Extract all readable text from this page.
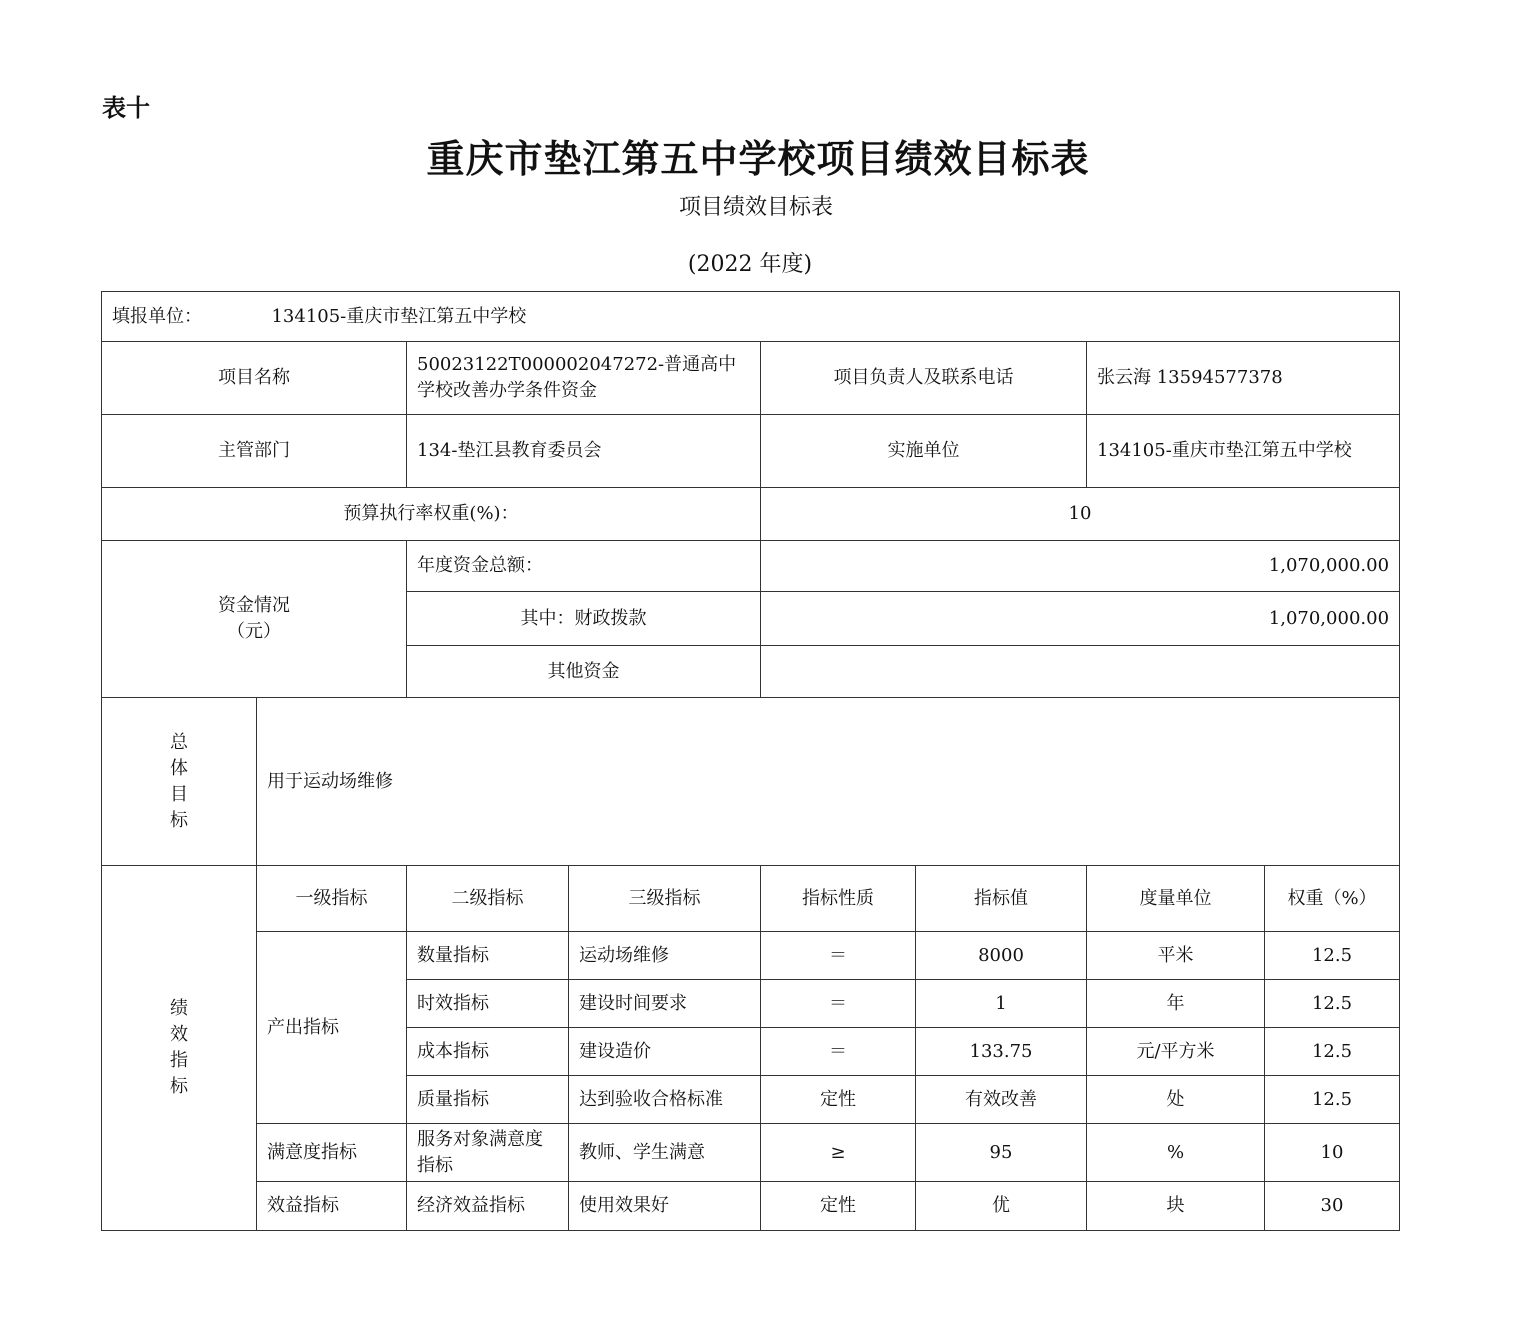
表十
重庆市垫江第五中学校项目绩效目标表
项目绩效目标表
(2022 年度)
填报单位： 134105-重庆市垫江第五中学校							
项目名称		50023122T000002047272-普通高中学校改善办学条件资金		项目负责人及联系电话		张云海 13594577378	
主管部门		134-垫江县教育委员会		实施单位		134105-重庆市垫江第五中学校	
预算执行率权重(%)：				10			

资金情况
（元）		年度资金总额：		1,070,000.00			
		其中：财政拨款		1,070,000.00			
		其他资金					

总
体
目
标	用于运动场维修						

绩
效
指
标	一级指标	二级指标	三级指标	指标性质	指标值	度量单位	权重（%）
	产出指标	数量指标	运动场维修	＝	8000	平米	12.5
		时效指标	建设时间要求	＝	1	年	12.5
		成本指标	建设造价	＝	133.75	元/平方米	12.5
		质量指标	达到验收合格标准	定性	有效改善	处	12.5
	满意度指标	服务对象满意度指标	教师、学生满意	≥	95	%	10
	效益指标	经济效益指标	使用效果好	定性	优	块	30
